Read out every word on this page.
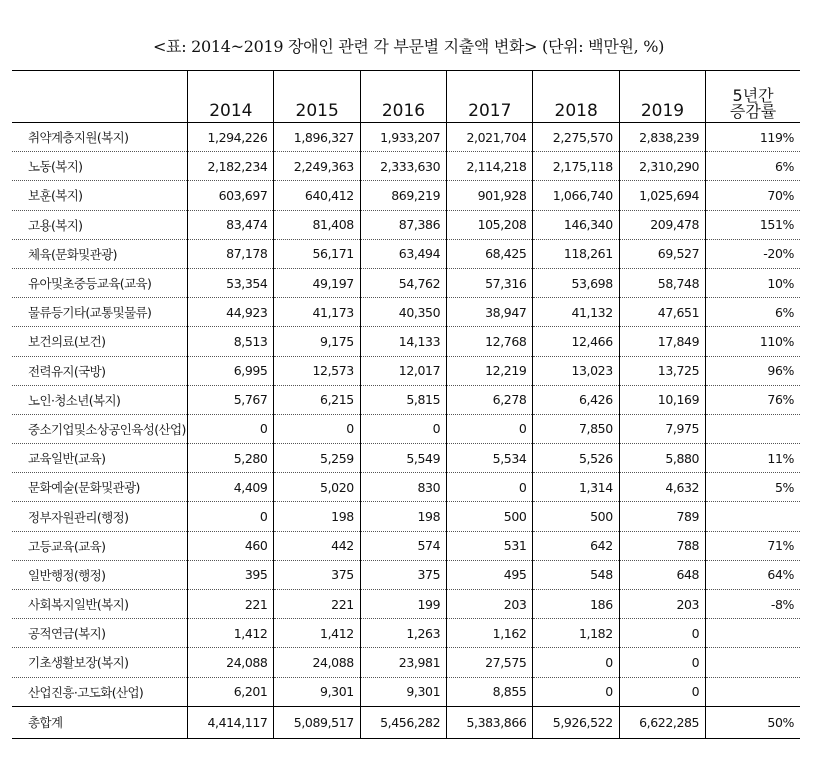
<표: 2014~2019 장애인 관련 각 부문별 지출액 변화> (단위: 백만원, %)
	2014	2015	2016	2017	2018	2019	5년간
증감률

취약계층지원(복지)	1,294,226	1,896,327	1,933,207	2,021,704	2,275,570	2,838,239	119%
노동(복지)	2,182,234	2,249,363	2,333,630	2,114,218	2,175,118	2,310,290	6%
보훈(복지)	603,697	640,412	869,219	901,928	1,066,740	1,025,694	70%
고용(복지)	83,474	81,408	87,386	105,208	146,340	209,478	151%
체육(문화및관광)	87,178	56,171	63,494	68,425	118,261	69,527	-20%
유아및초중등교육(교육)	53,354	49,197	54,762	57,316	53,698	58,748	10%
물류등기타(교통및물류)	44,923	41,173	40,350	38,947	41,132	47,651	6%
보건의료(보건)	8,513	9,175	14,133	12,768	12,466	17,849	110%
전력유지(국방)	6,995	12,573	12,017	12,219	13,023	13,725	96%
노인·청소년(복지)	5,767	6,215	5,815	6,278	6,426	10,169	76%
중소기업및소상공인육성(산업)	0	0	0	0	7,850	7,975	
교육일반(교육)	5,280	5,259	5,549	5,534	5,526	5,880	11%
문화예술(문화및관광)	4,409	5,020	830	0	1,314	4,632	5%
정부자원관리(행정)	0	198	198	500	500	789	
고등교육(교육)	460	442	574	531	642	788	71%
일반행정(행정)	395	375	375	495	548	648	64%
사회복지일반(복지)	221	221	199	203	186	203	-8%
공적연금(복지)	1,412	1,412	1,263	1,162	1,182	0	
기초생활보장(복지)	24,088	24,088	23,981	27,575	0	0	
산업진흥·고도화(산업)	6,201	9,301	9,301	8,855	0	0	
총합계	4,414,117	5,089,517	5,456,282	5,383,866	5,926,522	6,622,285	50%
